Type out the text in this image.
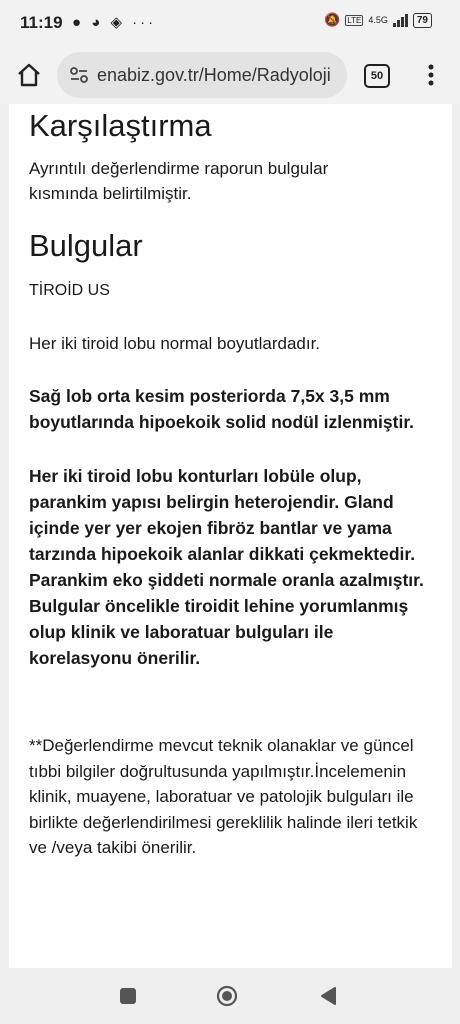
11:19 ● ◕ ◈ ···	🔕 LTE 4.5G	79
enabiz.gov.tr/Home/Radyoloji	50
Karşılaştırma

Ayrıntılı değerlendirme raporun bulgular kısmında belirtilmiştir.

Bulgular

TİROİD US

Her iki tiroid lobu normal boyutlardadır.

Sağ lob orta kesim posteriorda 7,5x 3,5 mm boyutlarında hipoekoik solid nodül izlenmiştir.

Her iki tiroid lobu konturları lobüle olup, parankim yapısı belirgin heterojendir. Gland içinde yer yer ekojen fibröz bantlar ve yama tarzında hipoekoik alanlar dikkati çekmektedir. Parankim eko şiddeti normale oranla azalmıştır. Bulgular öncelikle tiroidit lehine yorumlanmış olup klinik ve laboratuar bulguları ile korelasyonu önerilir.

**Değerlendirme mevcut teknik olanaklar ve güncel tıbbi bilgiler doğrultusunda yapılmıştır.İncelemenin klinik, muayene, laboratuar ve patolojik bulguları ile birlikte değerlendirilmesi gereklilik halinde ileri tetkik ve /veya takibi önerilir.
